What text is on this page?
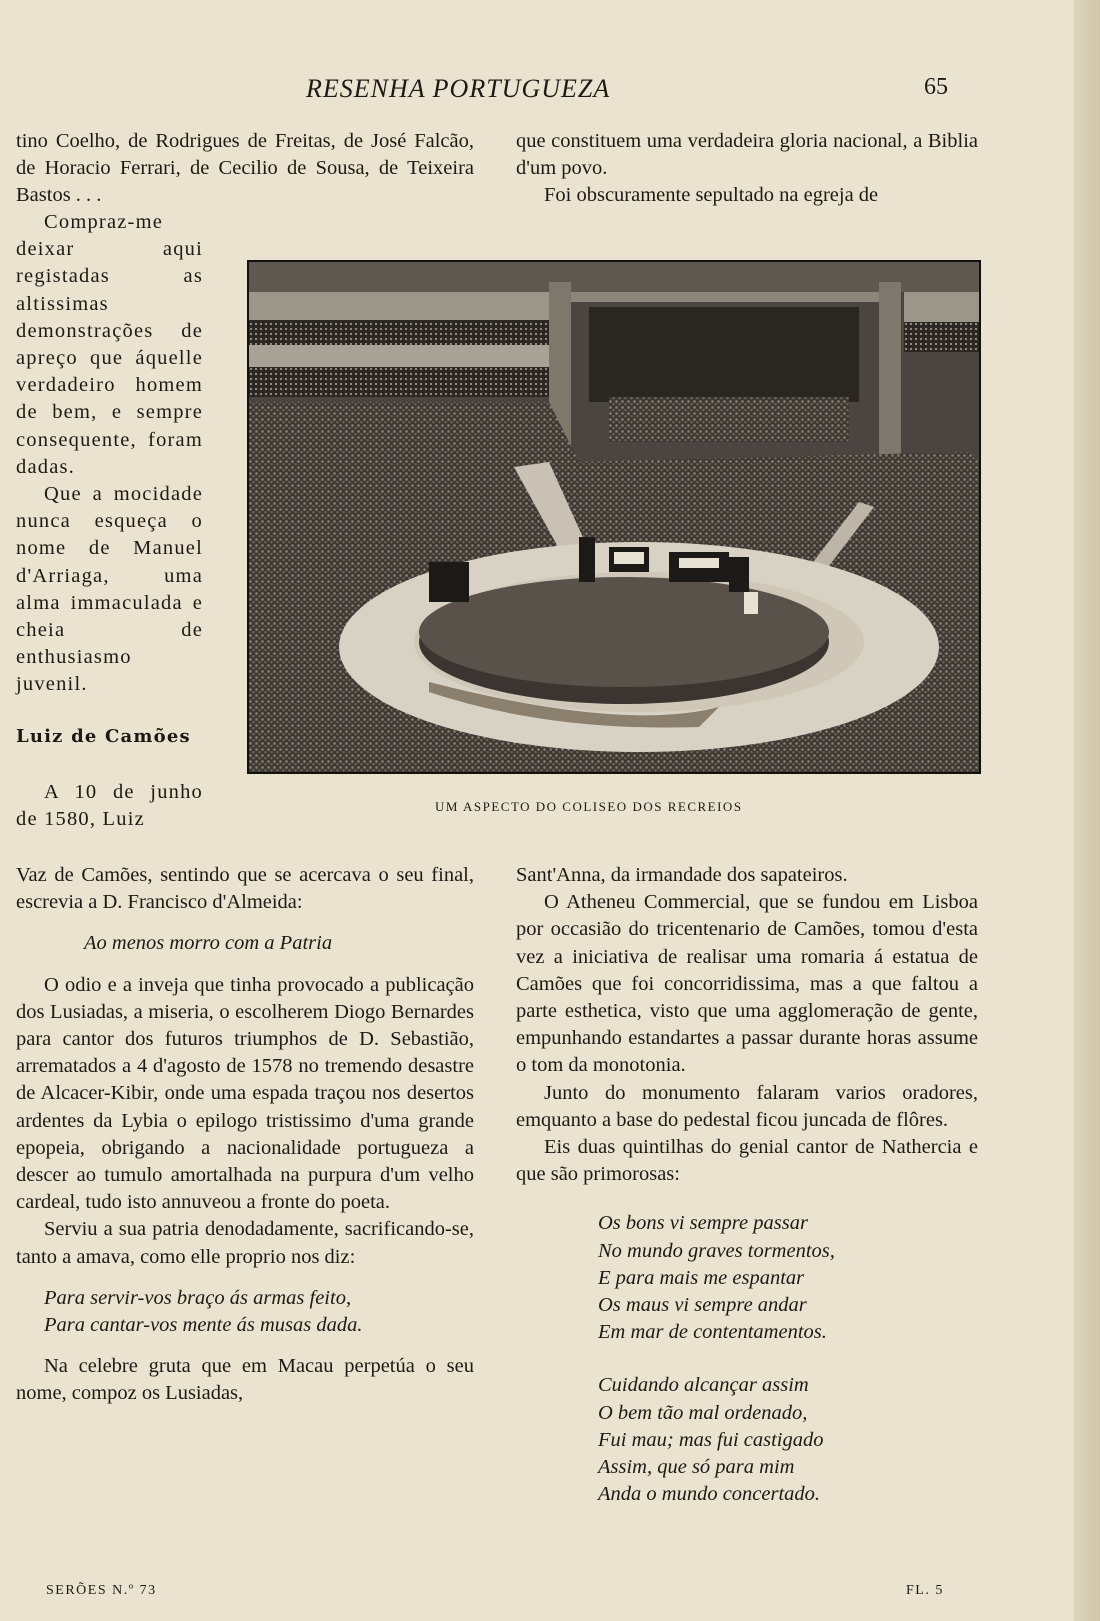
RESENHA PORTUGUEZA	65

tino Coelho, de Rodrigues de Freitas, de José Falcão, de Horacio Ferrari, de Cecilio de Sousa, de Teixeira Bastos . . .

Compraz-me deixar aqui registadas as altissimas demonstrações de apreço que áquelle verdadeiro homem de bem, e sempre consequente, foram dadas.

Que a mocidade nunca esqueça o nome de Manuel d'Arriaga, uma alma immaculada e cheia de enthusiasmo juvenil.

Luiz de Camões

A 10 de junho de 1580, Luiz

Vaz de Camões, sentindo que se acercava o seu final, escrevia a D. Francisco d'Almeida:

Ao menos morro com a Patria

O odio e a inveja que tinha provocado a publicação dos Lusiadas, a miseria, o escolherem Diogo Bernardes para cantor dos futuros triumphos de D. Sebastião, arrematados a 4 d'agosto de 1578 no tremendo desastre de Alcacer-Kibir, onde uma espada traçou nos desertos ardentes da Lybia o epilogo tristissimo d'uma grande epopeia, obrigando a nacionalidade portugueza a descer ao tumulo amortalhada na purpura d'um velho cardeal, tudo isto annuveou a fronte do poeta.

Serviu a sua patria denodadamente, sacrificando-se, tanto a amava, como elle proprio nos diz:

Para servir-vos braço ás armas feito,
Para cantar-vos mente ás musas dada.

Na celebre gruta que em Macau perpetúa o seu nome, compoz os Lusiadas,

que constituem uma verdadeira gloria nacional, a Biblia d'um povo.

Foi obscuramente sepultado na egreja de

UM ASPECTO DO COLISEO DOS RECREIOS

Sant'Anna, da irmandade dos sapateiros.

O Atheneu Commercial, que se fundou em Lisboa por occasião do tricentenario de Camões, tomou d'esta vez a iniciativa de realisar uma romaria á estatua de Camões que foi concorridissima, mas a que faltou a parte esthetica, visto que uma agglomeração de gente, empunhando estandartes a passar durante horas assume o tom da monotonia.

Junto do monumento falaram varios oradores, emquanto a base do pedestal ficou juncada de flôres.

Eis duas quintilhas do genial cantor de Nathercia e que são primorosas:

Os bons vi sempre passar
No mundo graves tormentos,
E para mais me espantar
Os maus vi sempre andar
Em mar de contentamentos.
Cuidando alcançar assim
O bem tão mal ordenado,
Fui mau; mas fui castigado
Assim, que só para mim
Anda o mundo concertado.
SERÕES N.º 73	FL. 5
